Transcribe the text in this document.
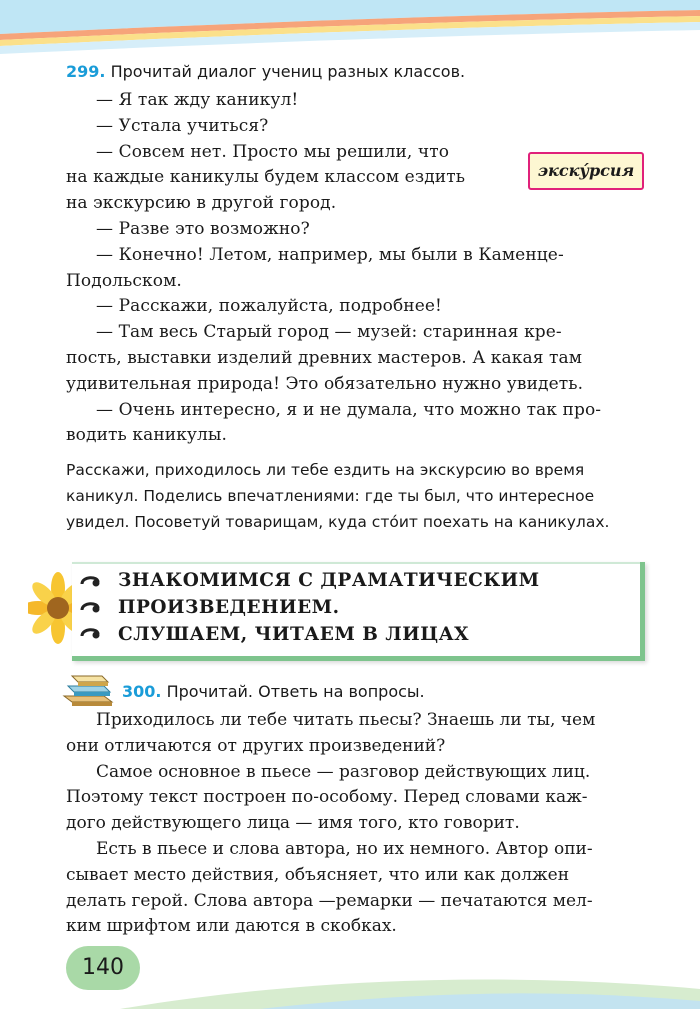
299. Прочитай диалог учениц разных классов.

— Я так жду каникул!

— Устала учиться?

— Совсем нет. Просто мы решили, что

на каждые каникулы будем классом ездить

на экскурсию в другой город.

— Разве это возможно?

— Конечно! Летом, например, мы были в Каменце-

Подольском.

— Расскажи, пожалуйста, подробнее!

— Там весь Старый город — музей: старинная кре-

пость, выставки изделий древних мастеров. А какая там

удивительная природа! Это обязательно нужно увидеть.

— Очень интересно, я и не думала, что можно так про-

водить каникулы.

экску́рсия
Расскажи, приходилось ли тебе ездить на экскурсию во время
каникул. Поделись впечатлениями: где ты был, что интересное
увидел. Посоветуй товарищам, куда сто́ит поехать на каникулах.
ЗНАКОМИМСЯ С ДРАМАТИЧЕСКИМ
ПРОИЗВЕДЕНИЕМ.
СЛУШАЕМ, ЧИТАЕМ В ЛИЦАХ

300. Прочитай. Ответь на вопросы.

Приходилось ли тебе читать пьесы? Знаешь ли ты, чем

они отличаются от других произведений?

Самое основное в пьесе — разговор действующих лиц.

Поэтому текст построен по-особому. Перед словами каж-

дого действующего лица — имя того, кто говорит.

Есть в пьесе и слова автора, но их немного. Автор опи-

сывает место действия, объясняет, что или как должен

делать герой. Слова автора —ремарки — печатаются мел-

ким шрифтом или даются в скобках.

140
